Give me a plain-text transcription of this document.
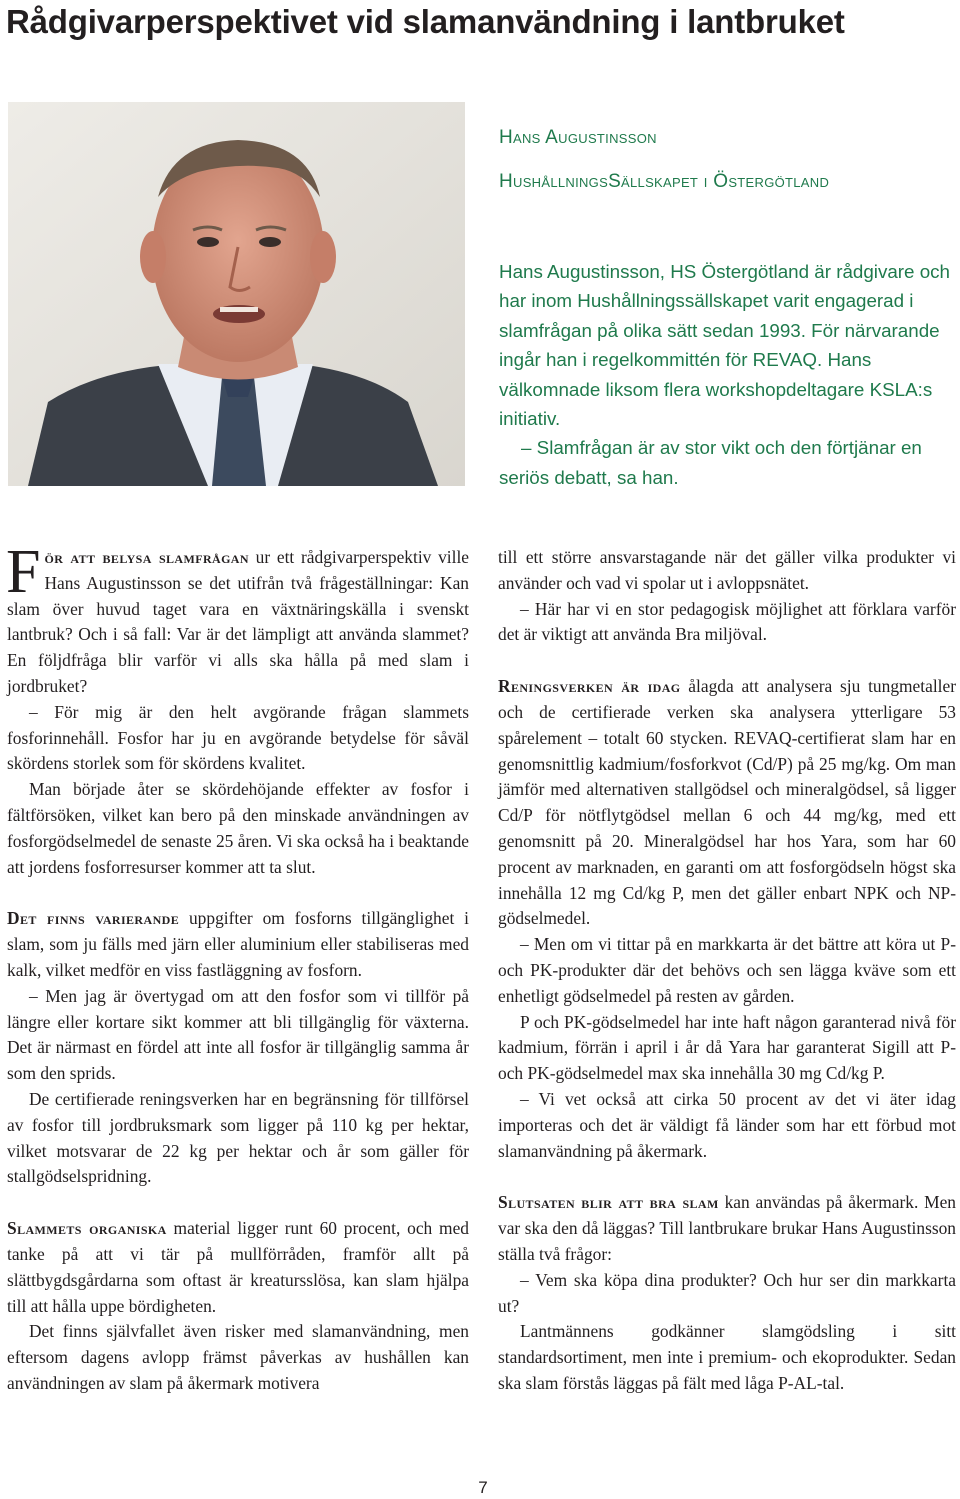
Rådgivarperspektivet vid slamanvändning i lantbruket
Hans Augustinsson
HushållningsSällskapet i Östergötland

Hans Augustinsson, HS Östergötland är rådgivare och har inom Hushållningssällskapet varit engagerad i slamfrågan på olika sätt sedan 1993. För närvarande ingår han i regelkommittén för REVAQ. Hans välkomnade liksom flera workshopdeltagare KSLA:s initiativ.

– Slamfrågan är av stor vikt och den förtjänar en seriös debatt, sa han.

För att belysa slamfrågan ur ett rådgivarperspektiv ville Hans Augustinsson se det utifrån två frågeställningar: Kan slam över huvud taget vara en växtnäringskälla i svenskt lantbruk? Och i så fall: Var är det lämpligt att använda slammet? En följdfråga blir varför vi alls ska hålla på med slam i jordbruket?

– För mig är den helt avgörande frågan slammets fosforinnehåll. Fosfor har ju en avgörande betydelse för såväl skördens storlek som för skördens kvalitet.

Man började åter se skördehöjande effekter av fosfor i fältförsöken, vilket kan bero på den minskade användningen av fosforgödselmedel de senaste 25 åren. Vi ska också ha i beaktande att jordens fosforresurser kommer att ta slut.

Det finns varierande uppgifter om fosforns tillgänglighet i slam, som ju fälls med järn eller aluminium eller stabiliseras med kalk, vilket medför en viss fastläggning av fosforn.

– Men jag är övertygad om att den fosfor som vi tillför på längre eller kortare sikt kommer att bli tillgänglig för växterna. Det är närmast en fördel att inte all fosfor är tillgänglig samma år som den sprids.

De certifierade reningsverken har en begränsning för tillförsel av fosfor till jordbruksmark som ligger på 110 kg per hektar, vilket motsvarar de 22 kg per hektar och år som gäller för stallgödselspridning.

Slammets organiska material ligger runt 60 procent, och med tanke på att vi tär på mullförråden, framför allt på slättbygdsgårdarna som oftast är kreatursslösa, kan slam hjälpa till att hålla uppe bördigheten.

Det finns självfallet även risker med slamanvändning, men eftersom dagens avlopp främst påverkas av hushållen kan användningen av slam på åkermark motivera

till ett större ansvarstagande när det gäller vilka produkter vi använder och vad vi spolar ut i avloppsnätet.

– Här har vi en stor pedagogisk möjlighet att förklara varför det är viktigt att använda Bra miljöval.

Reningsverken är idag ålagda att analysera sju tungmetaller och de certifierade verken ska analysera ytterligare 53 spårelement – totalt 60 stycken. REVAQ-certifierat slam har en genomsnittlig kadmium/fosforkvot (Cd/P) på 25 mg/kg. Om man jämför med alternativen stallgödsel och mineralgödsel, så ligger Cd/P för nötflytgödsel mellan 6 och 44 mg/kg, med ett genomsnitt på 20. Mineralgödsel har hos Yara, som har 60 procent av marknaden, en garanti om att fosforgödseln högst ska innehålla 12 mg Cd/kg P, men det gäller enbart NPK och NP-gödselmedel.

– Men om vi tittar på en markkarta är det bättre att köra ut P- och PK-produkter där det behövs och sen lägga kväve som ett enhetligt gödselmedel på resten av gården.

P och PK-gödselmedel har inte haft någon garanterad nivå för kadmium, förrän i april i år då Yara har garanterat Sigill att P- och PK-gödselmedel max ska innehålla 30 mg Cd/kg P.

– Vi vet också att cirka 50 procent av det vi äter idag importeras och det är väldigt få länder som har ett förbud mot slamanvändning på åkermark.

Slutsaten blir att bra slam kan användas på åkermark. Men var ska den då läggas? Till lantbrukare brukar Hans Augustinsson ställa två frågor:

– Vem ska köpa dina produkter? Och hur ser din markkarta ut?

Lantmännens godkänner slamgödsling i sitt standardsortiment, men inte i premium- och ekoprodukter. Sedan ska slam förstås läggas på fält med låga P-AL-tal.

7
